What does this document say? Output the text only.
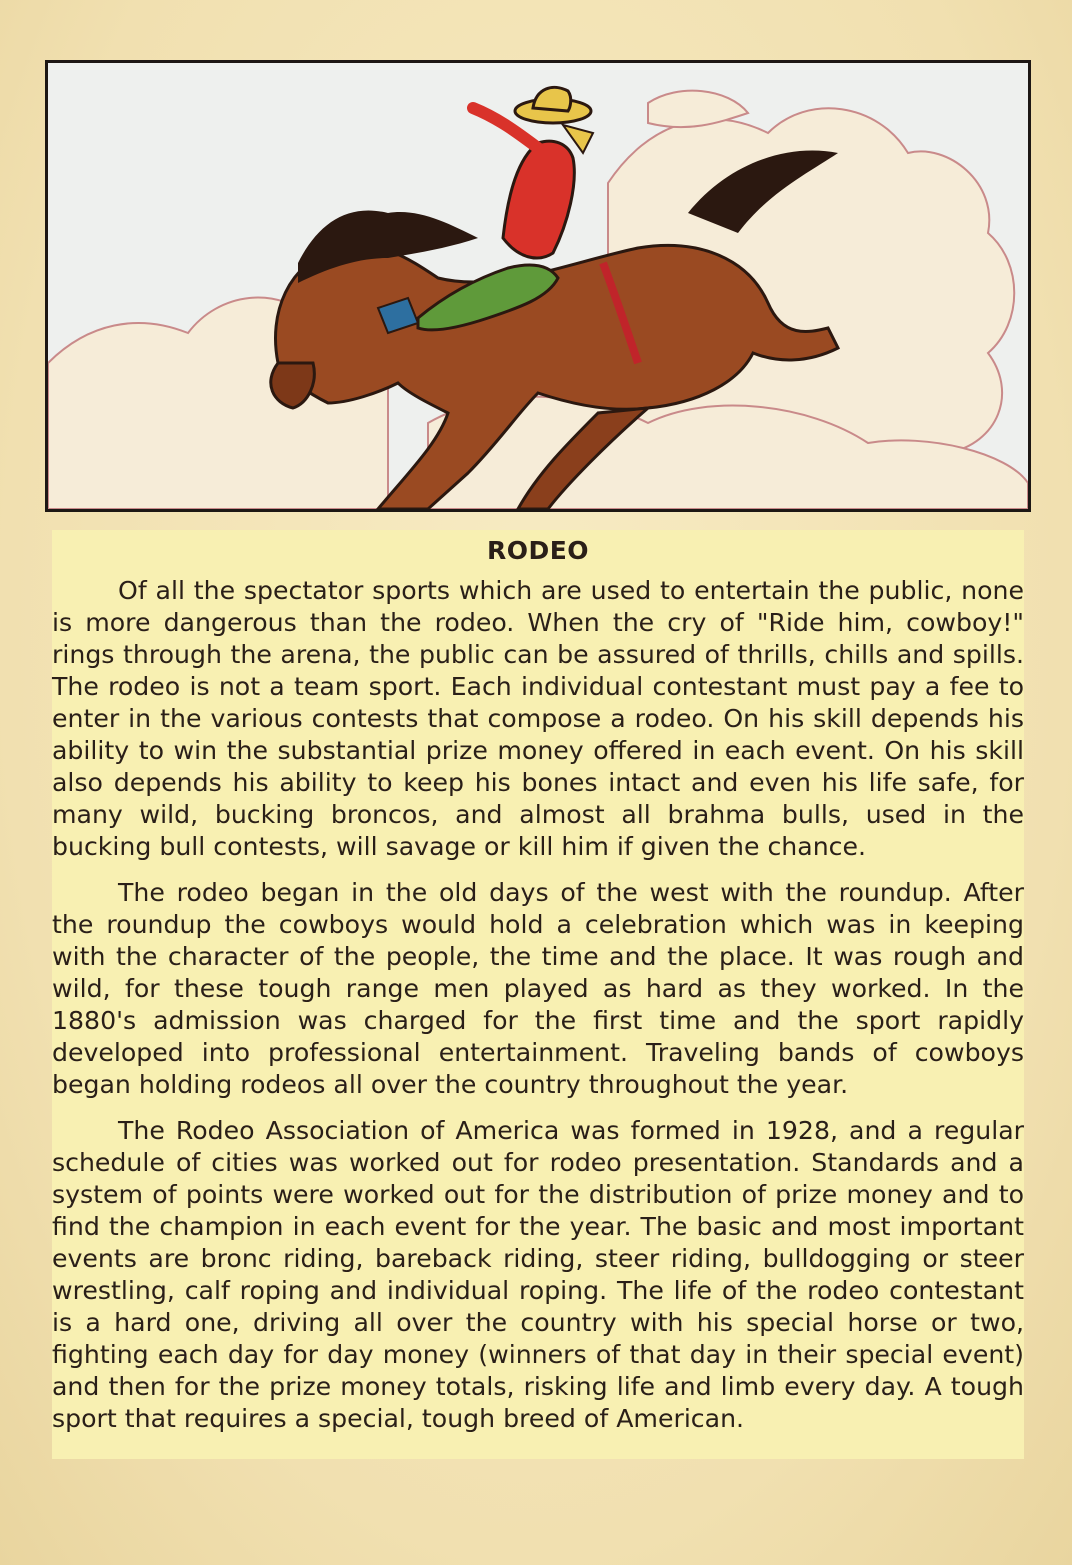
RODEO

Of all the spectator sports which are used to entertain the public, none is more dangerous than the rodeo. When the cry of "Ride him, cowboy!" rings through the arena, the public can be assured of thrills, chills and spills. The rodeo is not a team sport. Each individual contestant must pay a fee to enter in the various contests that compose a rodeo. On his skill depends his ability to win the substantial prize money offered in each event. On his skill also depends his ability to keep his bones intact and even his life safe, for many wild, bucking broncos, and almost all brahma bulls, used in the bucking bull contests, will savage or kill him if given the chance.

The rodeo began in the old days of the west with the roundup. After the roundup the cowboys would hold a celebration which was in keeping with the character of the people, the time and the place. It was rough and wild, for these tough range men played as hard as they worked. In the 1880's admission was charged for the first time and the sport rapidly developed into professional entertainment. Traveling bands of cowboys began holding rodeos all over the country throughout the year.

The Rodeo Association of America was formed in 1928, and a regular schedule of cities was worked out for rodeo presentation. Standards and a system of points were worked out for the distribution of prize money and to find the champion in each event for the year. The basic and most important events are bronc riding, bareback riding, steer riding, bulldogging or steer wrestling, calf roping and individual roping. The life of the rodeo contestant is a hard one, driving all over the country with his special horse or two, fighting each day for day money (winners of that day in their special event) and then for the prize money totals, risking life and limb every day. A tough sport that requires a special, tough breed of American.
